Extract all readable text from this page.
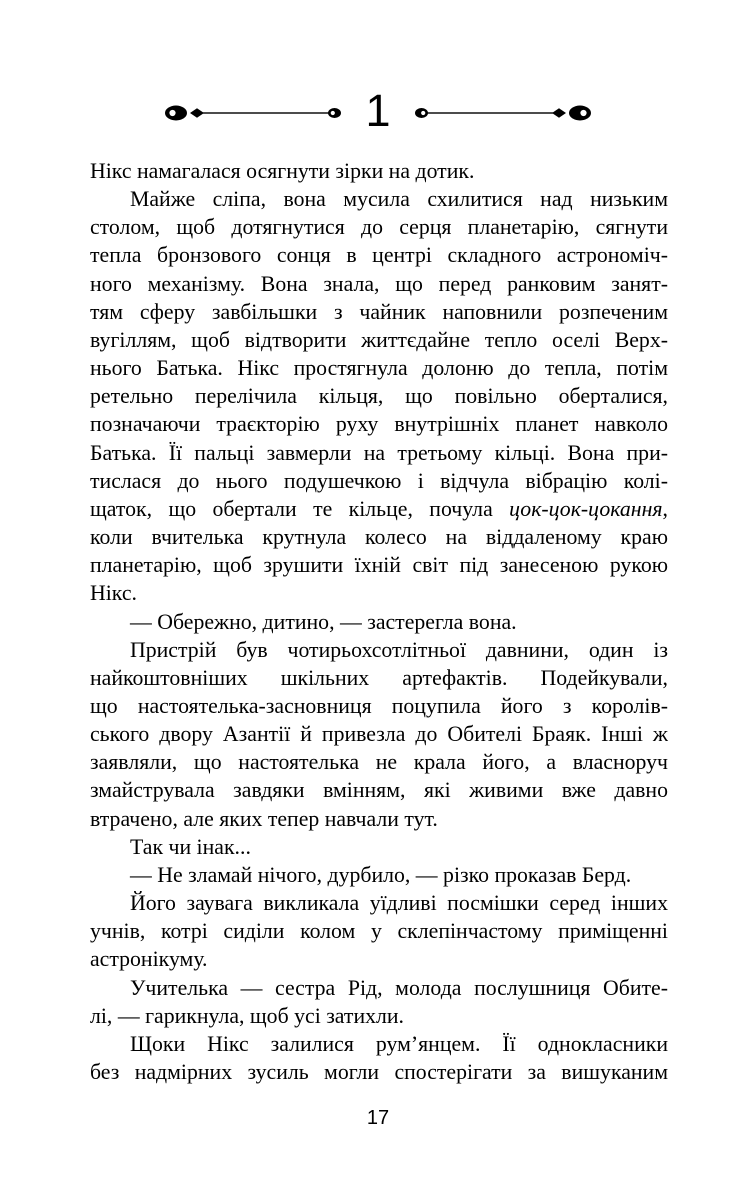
1
Нікс намагалася осягнути зірки на дотик.
Майже сліпа, вона мусила схилитися над низьким
столом, щоб дотягнутися до серця планетарію, сягнути
тепла бронзового сонця в центрі складного астрономіч-
ного механізму. Вона знала, що перед ранковим занят-
тям сферу завбільшки з чайник наповнили розпеченим
вугіллям, щоб відтворити життєдайне тепло оселі Верх-
нього Батька. Нікс простягнула долоню до тепла, потім
ретельно перелічила кільця, що повільно оберталися,
позначаючи траєкторію руху внутрішніх планет навколо
Батька. Її пальці завмерли на третьому кільці. Вона при-
тислася до нього подушечкою і відчула вібрацію колі-
щаток, що обертали те кільце, почула цок-цок-цокання,
коли вчителька крутнула колесо на віддаленому краю
планетарію, щоб зрушити їхній світ під занесеною рукою
Нікс.
— Обережно, дитино, — застерегла вона.
Пристрій був чотирьохсотлітньої давнини, один із
найкоштовніших шкільних артефактів. Подейкували,
що настоятелька-засновниця поцупила його з королів-
ського двору Азантії й привезла до Обителі Браяк. Інші ж
заявляли, що настоятелька не крала його, а власноруч
змайструвала завдяки вмінням, які живими вже давно
втрачено, але яких тепер навчали тут.
Так чи інак...
— Не зламай нічого, дурбило, — різко проказав Берд.
Його заувага викликала уїдливі посмішки серед інших
учнів, котрі сиділи колом у склепінчастому приміщенні
астронікуму.
Учителька — сестра Рід, молода послушниця Обите-
лі, — гарикнула, щоб усі затихли.
Щоки Нікс залилися рум’янцем. Її однокласники
без надмірних зусиль могли спостерігати за вишуканим
17
